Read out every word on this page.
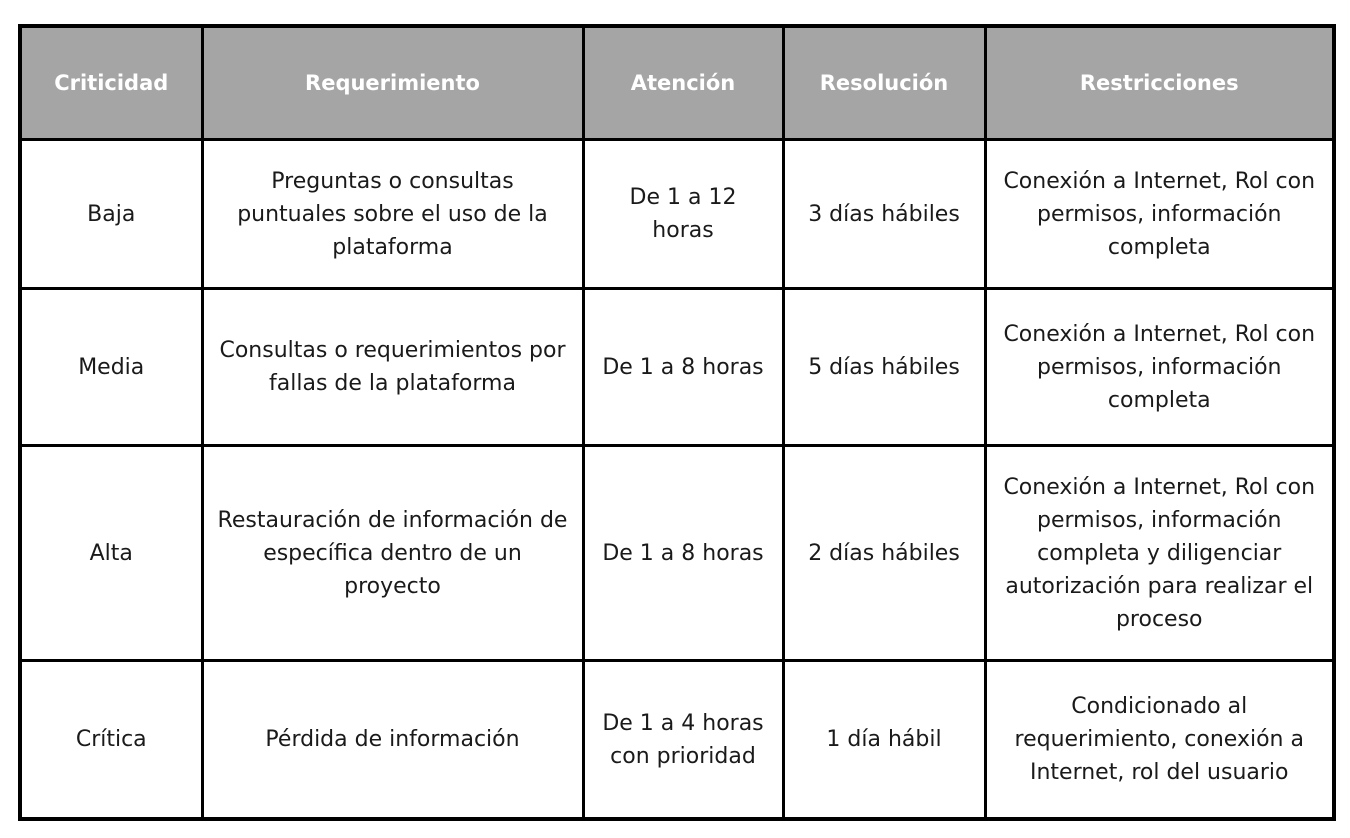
Criticidad	Requerimiento	Atención	Resolución	Restricciones
Baja	Preguntas o consultas puntuales sobre el uso de la plataforma	De 1 a 12 horas	3 días hábiles	Conexión a Internet, Rol con permisos, información completa
Media	Consultas o requerimientos por fallas de la plataforma	De 1 a 8 horas	5 días hábiles	Conexión a Internet, Rol con permisos, información completa
Alta	Restauración de información de específica dentro de un proyecto	De 1 a 8 horas	2 días hábiles	Conexión a Internet, Rol con permisos, información completa y diligenciar autorización para realizar el proceso
Crítica	Pérdida de información	De 1 a 4 horas con prioridad	1 día hábil	Condicionado al requerimiento, conexión a Internet, rol del usuario
